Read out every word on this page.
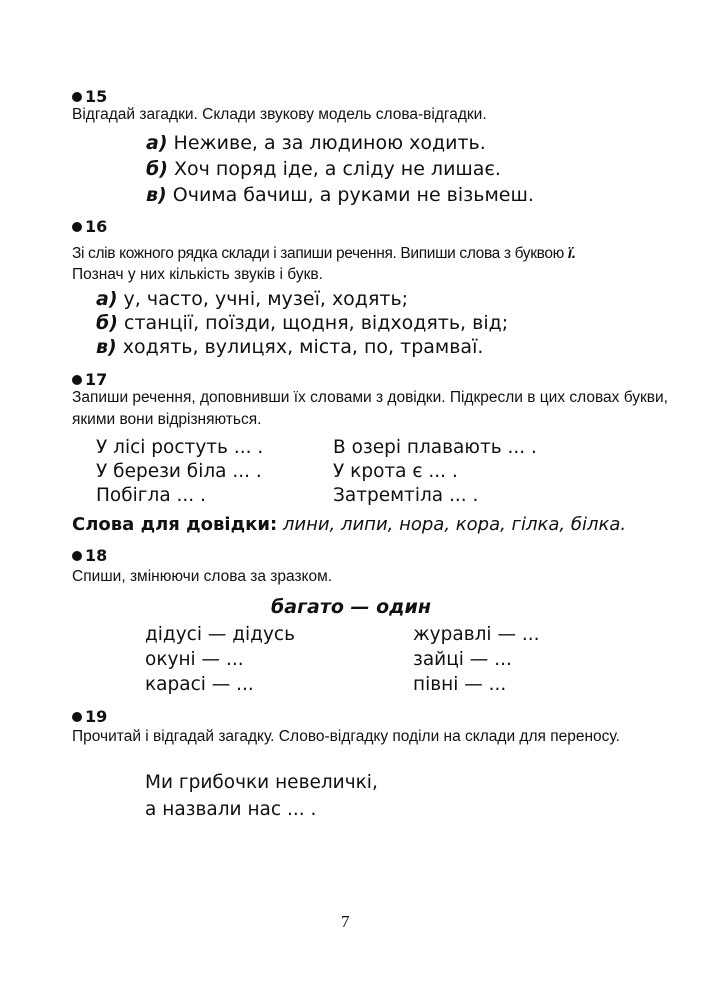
15
Відгадай загадки. Склади звукову модель слова-відгадки.
а) Неживе, а за людиною ходить.
б) Хоч поряд іде, а сліду не лишає.
в) Очима бачиш, а руками не візьмеш.
16
Зі слів кожного рядка склади і запиши речення. Випиши слова з буквою ї.
Познач у них кількість звуків і букв.
а) у, часто, учні, музеї, ходять;
б) станції, поїзди, щодня, відходять, від;
в) ходять, вулицях, міста, по, трамваї.
17
Запиши речення, доповнивши їх словами з довідки. Підкресли в цих словах букви, якими вони відрізняються.
У лісі ростуть ... .
У берези біла ... .
Побігла ... .
В озері плавають ... .
У крота є ... .
Затремтіла ... .
Слова для довідки: лини, липи, нора, кора, гілка, білка.
18
Спиши, змінюючи слова за зразком.
багато — один
дідусі — дідусь
окуні — ...
карасі — ...
журавлі — ...
зайці — ...
півні — ...
19
Прочитай і відгадай загадку. Слово-відгадку поділи на склади для переносу.
Ми грибочки невеличкі,
а назвали нас ... .
7
